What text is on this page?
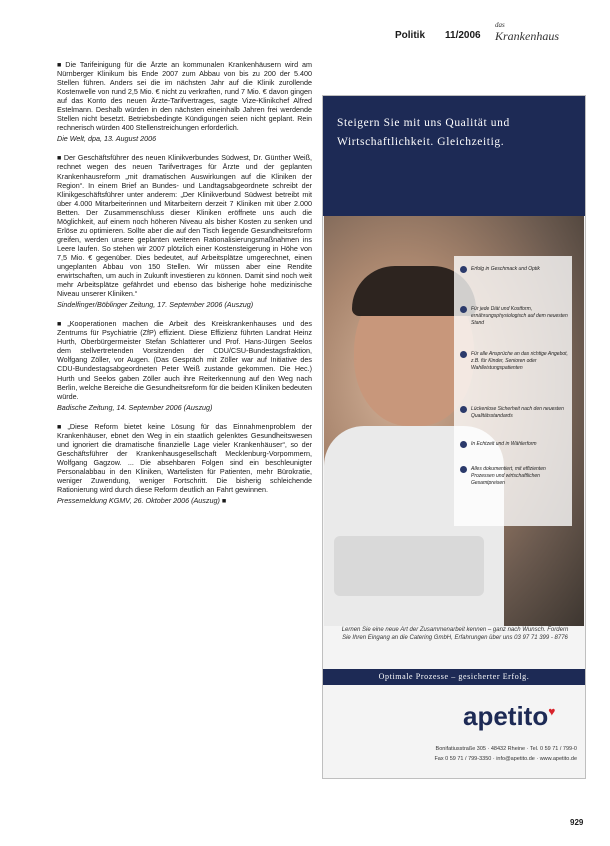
Politik 11/2006
das
Krankenhaus

■ Die Tarifeinigung für die Ärzte an kommunalen Krankenhäusern wird am Nürnberger Klinikum bis Ende 2007 zum Abbau von bis zu 200 der 5.400 Stellen führen. Anders sei die im nächsten Jahr auf die Klinik zurollende Kostenwelle von rund 2,5 Mio. € nicht zu verkraften, rund 7 Mio. € davon gingen auf das Konto des neuen Ärzte-Tarifvertrages, sagte Vize-Klinikchef Alfred Estelmann. Deshalb würden in den nächsten eineinhalb Jahren frei werdende Stellen nicht besetzt. Betriebsbedingte Kündigungen seien nicht geplant. Rein rechnerisch würden 400 Stellenstreichungen erforderlich.

Die Welt, dpa, 13. August 2006

■ Der Geschäftsführer des neuen Klinikverbundes Südwest, Dr. Günther Weiß, rechnet wegen des neuen Tarifvertrages für Ärzte und der geplanten Krankenhausreform „mit dramatischen Auswirkungen auf die Kliniken der Region“. In einem Brief an Bundes- und Landtagsabgeordnete schreibt der Klinikgeschäftsführer unter anderem: „Der Klinikverbund Südwest betreibt mit über 4.000 Mitarbeiterinnen und Mitarbeitern derzeit 7 Kliniken mit über 2.000 Betten. Der Zusammenschluss dieser Kliniken eröffnete uns auch die Möglichkeit, auf einem noch höheren Niveau als bisher Kosten zu senken und Erlöse zu optimieren. Sollte aber die auf den Tisch liegende Gesundheitsreform greifen, werden unsere geplanten weiteren Rationalisierungsmaßnahmen ins Leere laufen. So stehen wir 2007 plötzlich einer Kostensteigerung in Höhe von 7,5 Mio. € gegenüber. Dies bedeutet, auf Arbeitsplätze umgerechnet, einen ungeplanten Abbau von 150 Stellen. Wir müssen aber eine Rendite erwirtschaften, um auch in Zukunft investieren zu können. Damit sind noch weit mehr Arbeitsplätze gefährdet und ebenso das bisherige hohe medizinische Niveau unserer Kliniken.“

Sindelfinger/Böblinger Zeitung, 17. September 2006 (Auszug)

■ „Kooperationen machen die Arbeit des Kreiskrankenhauses und des Zentrums für Psychiatrie (ZfP) effizient. Diese Effizienz führten Landrat Heinz Hurth, Oberbürgermeister Stefan Schlatterer und Prof. Hans-Jürgen Seelos dem stellvertretenden Vorsitzenden der CDU/CSU-Bundestagsfraktion, Wolfgang Zöller, vor Augen. (Das Gespräch mit Zöller war auf Initiative des CDU-Bundestagsabgeordneten Peter Weiß zustande gekommen. Die Hec.) Hurth und Seelos gaben Zöller auch ihre Reiterkennung auf den Weg nach Berlin, welche Bereiche die Gesundheitsreform für die beiden Kliniken bedeuten würde.

Badische Zeitung, 14. September 2006 (Auszug)

■ „Diese Reform bietet keine Lösung für das Einnahmenproblem der Krankenhäuser, ebnet den Weg in ein staatlich gelenktes Gesundheitswesen und ignoriert die dramatische finanzielle Lage vieler Krankenhäuser“, so der Geschäftsführer der Krankenhausgesellschaft Mecklenburg-Vorpommern, Wolfgang Gagzow. ... Die absehbaren Folgen sind ein beschleunigter Personalabbau in den Kliniken, Wartelisten für Patienten, mehr Bürokratie, weniger Zuwendung, weniger Fortschritt. Die bisherig schleichende Rationierung wird durch diese Reform deutlich an Fahrt gewinnen.

Pressemeldung KGMV, 26. Oktober 2006 (Auszug) ■

Steigern Sie mit uns Qualität und Wirtschaftlichkeit. Gleichzeitig.
Erfolg in Geschmack und Optik
Für jede Diät und Kostform, ernährungsphysiologisch auf dem neuesten Stand
Für alle Ansprüche an das richtige Angebot, z.B. für Kinder, Senioren oder Wahlleistungspatienten
Lückenlose Sicherheit nach den neuesten Qualitätsstandards
In Echtzeit und in Wählerform
Alles dokumentiert, mit effizienten Prozessen und wirtschaftlichen Gesamtpreisen
Lernen Sie eine neue Art der Zusammenarbeit kennen – ganz nach Wunsch. Fordern Sie Ihren Eingang an die Catering GmbH, Erfahrungen über uns 03 97 71 399 - 8776
Optimale Prozesse – gesicherter Erfolg.
apetito♥
Bonifatiusstraße 305 · 48432 Rheine · Tel. 0 59 71 / 799-0
Fax 0 59 71 / 799-3350 · info@apetito.de · www.apetito.de
929
